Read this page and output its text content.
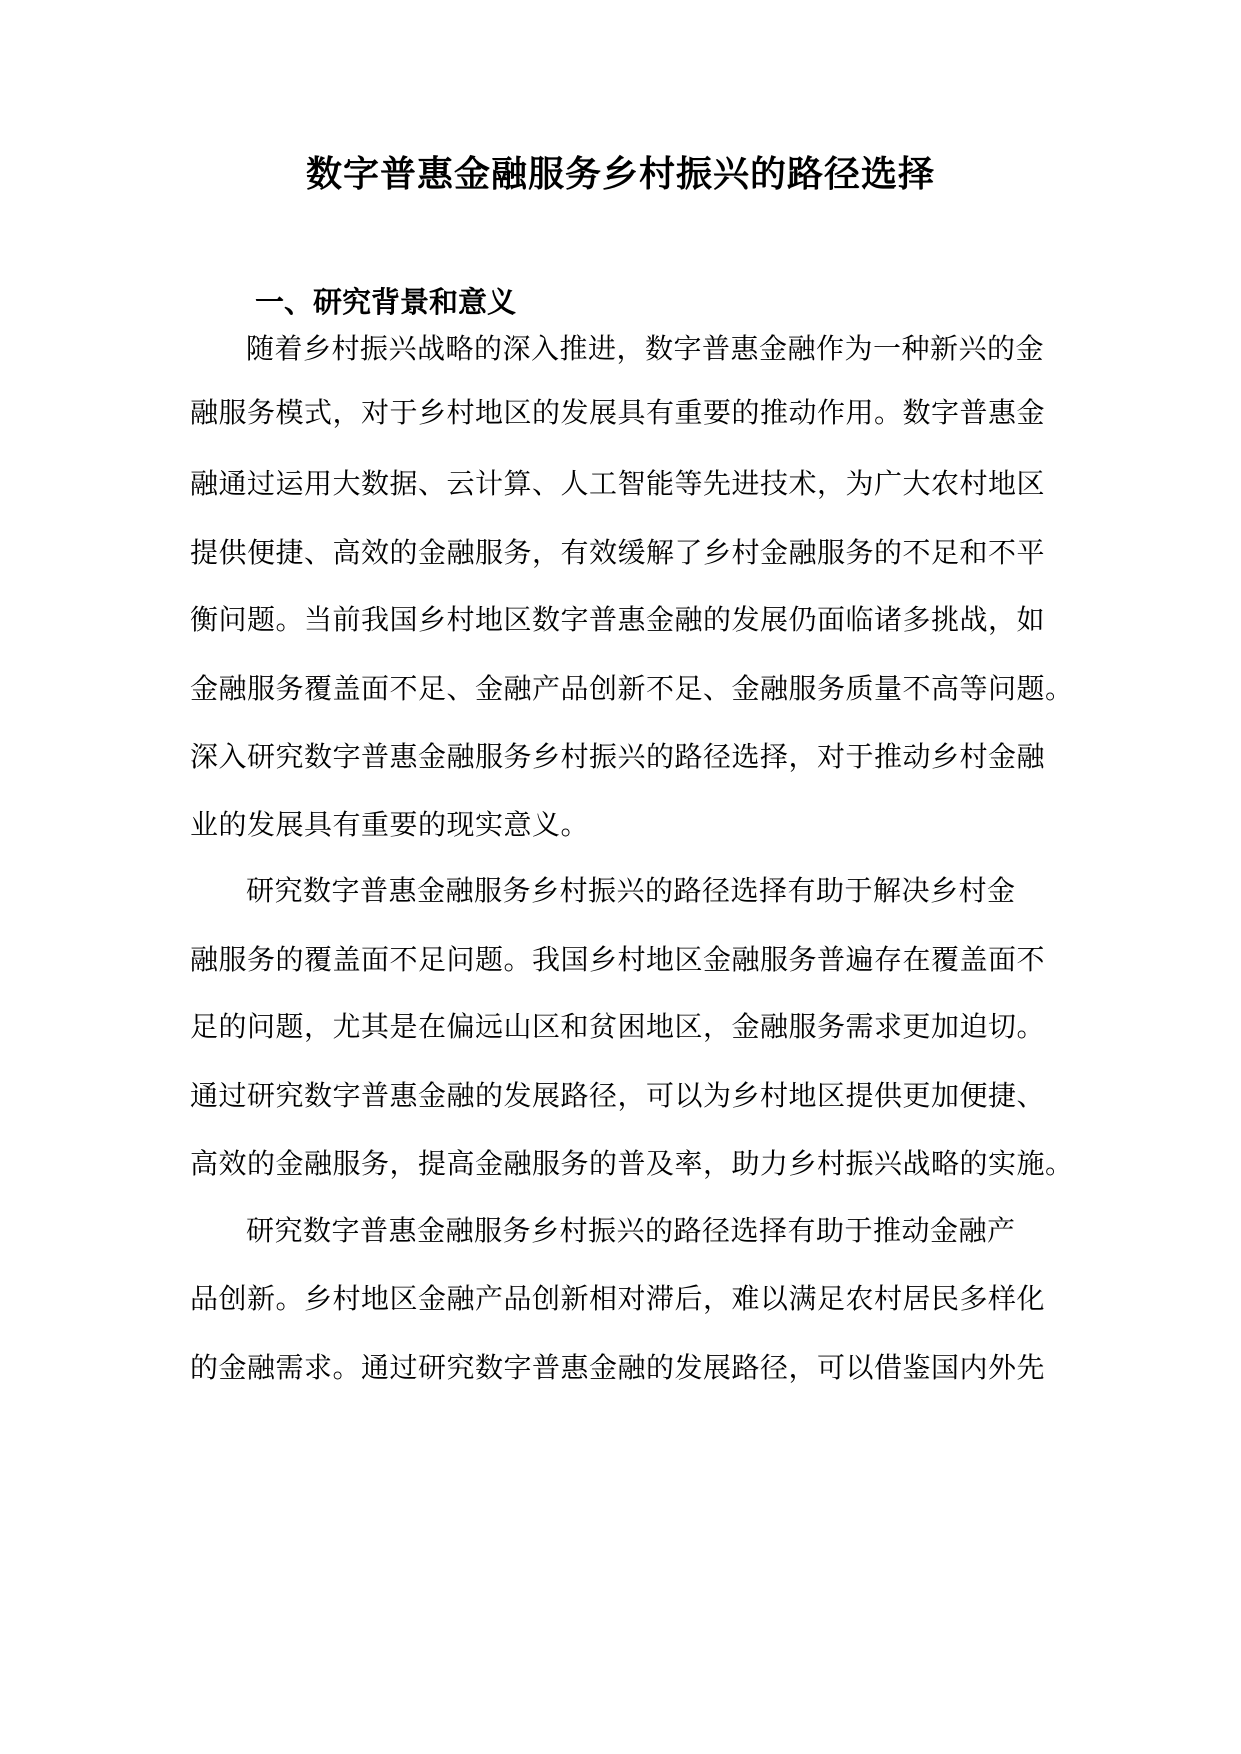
数字普惠金融服务乡村振兴的路径选择
一、研究背景和意义

随着乡村振兴战略的深入推进，数字普惠金融作为一种新兴的金

融服务模式，对于乡村地区的发展具有重要的推动作用。数字普惠金

融通过运用大数据、云计算、人工智能等先进技术，为广大农村地区

提供便捷、高效的金融服务，有效缓解了乡村金融服务的不足和不平

衡问题。当前我国乡村地区数字普惠金融的发展仍面临诸多挑战，如

金融服务覆盖面不足、金融产品创新不足、金融服务质量不高等问题。

深入研究数字普惠金融服务乡村振兴的路径选择，对于推动乡村金融

业的发展具有重要的现实意义。

研究数字普惠金融服务乡村振兴的路径选择有助于解决乡村金

融服务的覆盖面不足问题。我国乡村地区金融服务普遍存在覆盖面不

足的问题，尤其是在偏远山区和贫困地区，金融服务需求更加迫切。

通过研究数字普惠金融的发展路径，可以为乡村地区提供更加便捷、

高效的金融服务，提高金融服务的普及率，助力乡村振兴战略的实施。

研究数字普惠金融服务乡村振兴的路径选择有助于推动金融产

品创新。乡村地区金融产品创新相对滞后，难以满足农村居民多样化

的金融需求。通过研究数字普惠金融的发展路径，可以借鉴国内外先
